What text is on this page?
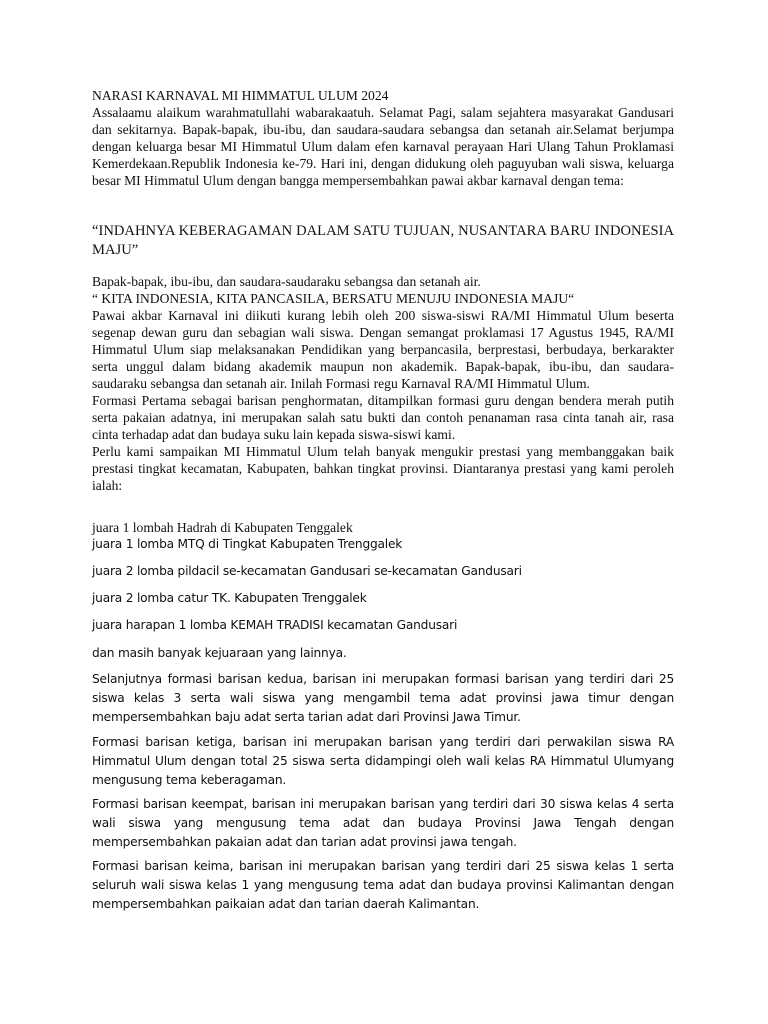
NARASI KARNAVAL MI HIMMATUL ULUM 2024

Assalaamu alaikum warahmatullahi wabarakaatuh. Selamat Pagi, salam sejahtera masyarakat Gandusari dan sekitarnya. Bapak-bapak, ibu-ibu, dan saudara-saudara sebangsa dan setanah air.Selamat berjumpa dengan keluarga besar MI Himmatul Ulum dalam efen karnaval perayaan Hari Ulang Tahun Proklamasi Kemerdekaan.Republik Indonesia ke-79. Hari ini, dengan didukung oleh paguyuban wali siswa, keluarga besar MI Himmatul Ulum dengan bangga mempersembahkan pawai akbar karnaval dengan tema:

“INDAHNYA KEBERAGAMAN DALAM SATU TUJUAN, NUSANTARA BARU INDONESIA MAJU”

Bapak-bapak, ibu-ibu, dan saudara-saudaraku sebangsa dan setanah air.

“ KITA INDONESIA, KITA PANCASILA, BERSATU MENUJU INDONESIA MAJU“

Pawai akbar Karnaval ini diikuti kurang lebih oleh 200 siswa-siswi RA/MI Himmatul Ulum beserta segenap dewan guru dan sebagian wali siswa. Dengan semangat proklamasi 17 Agustus 1945, RA/MI Himmatul Ulum siap melaksanakan Pendidikan yang berpancasila, berprestasi, berbudaya, berkarakter serta unggul dalam bidang akademik maupun non akademik. Bapak-bapak, ibu-ibu, dan saudara-saudaraku sebangsa dan setanah air. Inilah Formasi regu Karnaval RA/MI Himmatul Ulum.

Formasi Pertama sebagai barisan penghormatan, ditampilkan formasi guru dengan bendera merah putih serta pakaian adatnya, ini merupakan salah satu bukti dan contoh penanaman rasa cinta tanah air, rasa cinta terhadap adat dan budaya suku lain kepada siswa-siswi kami.

Perlu kami sampaikan MI Himmatul Ulum telah banyak mengukir prestasi yang membanggakan baik prestasi tingkat kecamatan, Kabupaten, bahkan tingkat provinsi. Diantaranya prestasi yang kami peroleh ialah:

juara 1 lombah Hadrah di Kabupaten Tenggalek

juara 1 lomba MTQ di Tingkat Kabupaten Trenggalek

juara 2 lomba pildacil se-kecamatan Gandusari se-kecamatan Gandusari

juara 2 lomba catur TK. Kabupaten Trenggalek

juara harapan 1 lomba KEMAH TRADISI kecamatan Gandusari

dan masih banyak kejuaraan yang lainnya.

Selanjutnya formasi barisan kedua, barisan ini merupakan formasi barisan yang terdiri dari 25 siswa kelas 3 serta wali siswa yang mengambil tema adat provinsi jawa timur dengan mempersembahkan baju adat serta tarian adat dari Provinsi Jawa Timur.

Formasi barisan ketiga, barisan ini merupakan barisan yang terdiri dari perwakilan siswa RA Himmatul Ulum dengan total 25 siswa serta didampingi oleh wali kelas RA Himmatul Ulumyang mengusung tema keberagaman.

Formasi barisan keempat, barisan ini merupakan barisan yang terdiri dari 30 siswa kelas 4 serta wali siswa yang mengusung tema adat dan budaya Provinsi Jawa Tengah dengan mempersembahkan pakaian adat dan tarian adat provinsi jawa tengah.

Formasi barisan keima, barisan ini merupakan barisan yang terdiri dari 25 siswa kelas 1 serta seluruh wali siswa kelas 1 yang mengusung tema adat dan budaya provinsi Kalimantan dengan mempersembahkan paikaian adat dan tarian daerah Kalimantan.
